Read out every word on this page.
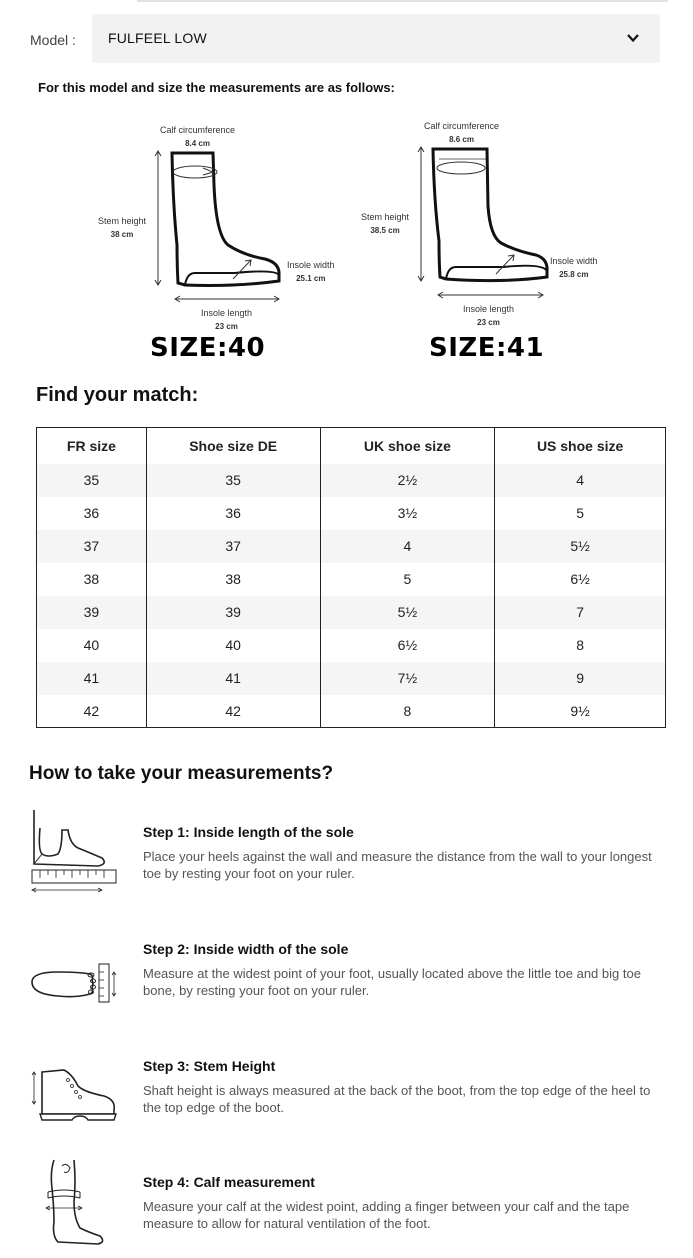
Model : FULFEEL LOW
For this model and size the measurements are as follows:
Calf circumference
8.4 cm
Stem height
38 cm
Insole width
25.1 cm
Insole length
23 cm
SIZE:40
Calf circumference
8.6 cm
Stem height
38.5 cm
Insole width
25.8 cm
Insole length
23 cm
SIZE:41
Find your match:
FR size	Shoe size DE	UK shoe size	US shoe size
35	35	2½	4
36	36	3½	5
37	37	4	5½
38	38	5	6½
39	39	5½	7
40	40	6½	8
41	41	7½	9
42	42	8	9½
How to take your measurements?
Step 1: Inside length of the sole
Place your heels against the wall and measure the distance from the wall to your longest toe by resting your foot on your ruler.
Step 2: Inside width of the sole
Measure at the widest point of your foot, usually located above the little toe and big toe bone, by resting your foot on your ruler.
Step 3: Stem Height
Shaft height is always measured at the back of the boot, from the top edge of the heel to the top edge of the boot.
Step 4: Calf measurement
Measure your calf at the widest point, adding a finger between your calf and the tape measure to allow for natural ventilation of the foot.
